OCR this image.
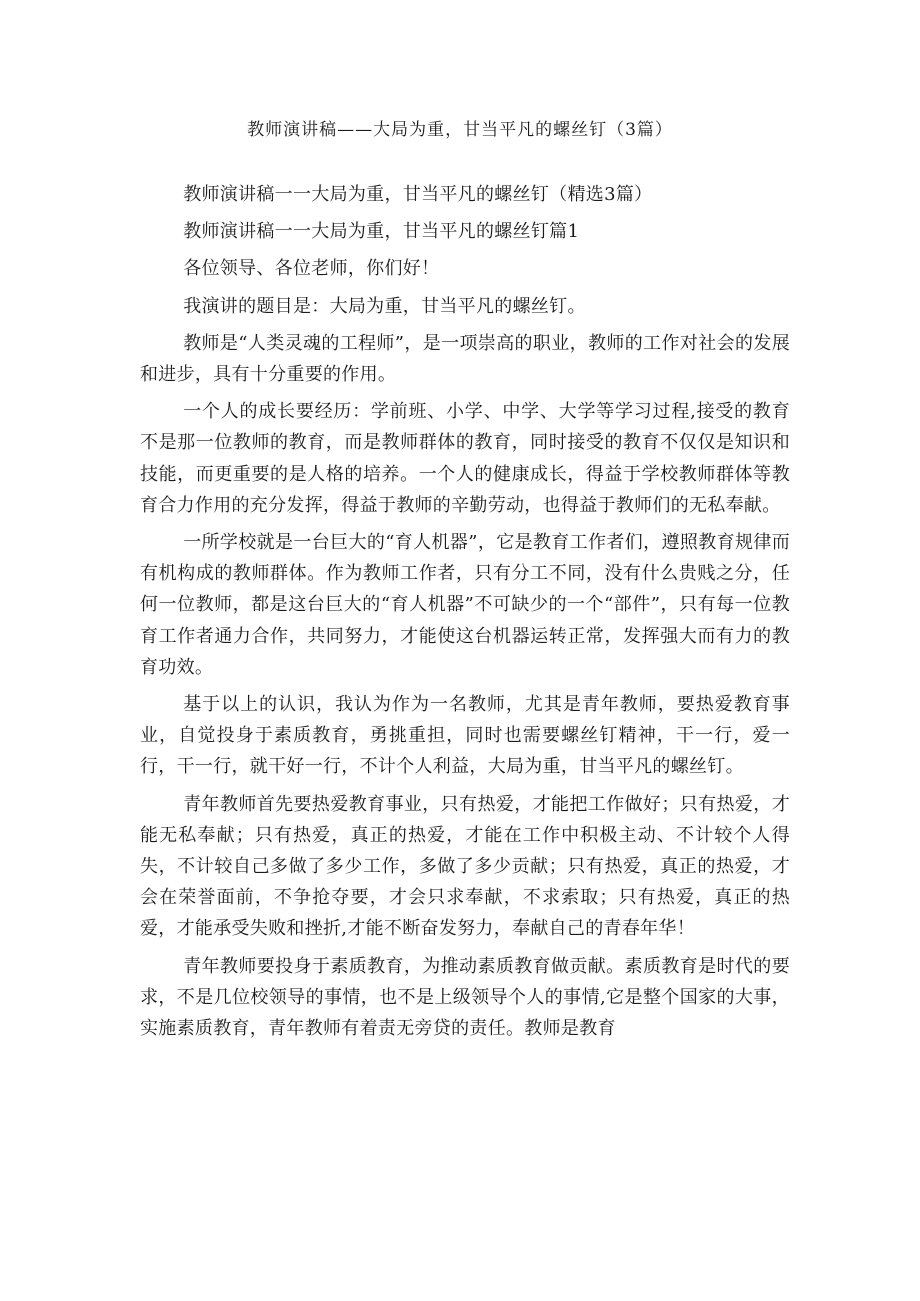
教师演讲稿——大局为重，甘当平凡的螺丝钉（3篇）

教师演讲稿一一大局为重，甘当平凡的螺丝钉（精选3篇）

教师演讲稿一一大局为重，甘当平凡的螺丝钉篇1

各位领导、各位老师，你们好！

我演讲的题目是：大局为重，甘当平凡的螺丝钉。

教师是“人类灵魂的工程师”，是一项崇高的职业，教师的工作对社会的发展和进步，具有十分重要的作用。

一个人的成长要经历：学前班、小学、中学、大学等学习过程,接受的教育不是那一位教师的教育，而是教师群体的教育，同时接受的教育不仅仅是知识和技能，而更重要的是人格的培养。一个人的健康成长，得益于学校教师群体等教育合力作用的充分发挥，得益于教师的辛勤劳动，也得益于教师们的无私奉献。

一所学校就是一台巨大的“育人机器”，它是教育工作者们，遵照教育规律而有机构成的教师群体。作为教师工作者，只有分工不同，没有什么贵贱之分，任何一位教师，都是这台巨大的“育人机器”不可缺少的一个“部件”，只有每一位教育工作者通力合作，共同努力，才能使这台机器运转正常，发挥强大而有力的教育功效。

基于以上的认识，我认为作为一名教师，尤其是青年教师，要热爱教育事业，自觉投身于素质教育，勇挑重担，同时也需要螺丝钉精神，干一行，爱一行，干一行，就干好一行，不计个人利益，大局为重，甘当平凡的螺丝钉。

青年教师首先要热爱教育事业，只有热爱，才能把工作做好；只有热爱，才能无私奉献；只有热爱，真正的热爱，才能在工作中积极主动、不计较个人得失，不计较自己多做了多少工作，多做了多少贡献；只有热爱，真正的热爱，才会在荣誉面前，不争抢夺要，才会只求奉献，不求索取；只有热爱，真正的热爱，才能承受失败和挫折,才能不断奋发努力，奉献自己的青春年华！

青年教师要投身于素质教育，为推动素质教育做贡献。素质教育是时代的要求，不是几位校领导的事情，也不是上级领导个人的事情,它是整个国家的大事，实施素质教育，青年教师有着责无旁贷的责任。教师是教育
